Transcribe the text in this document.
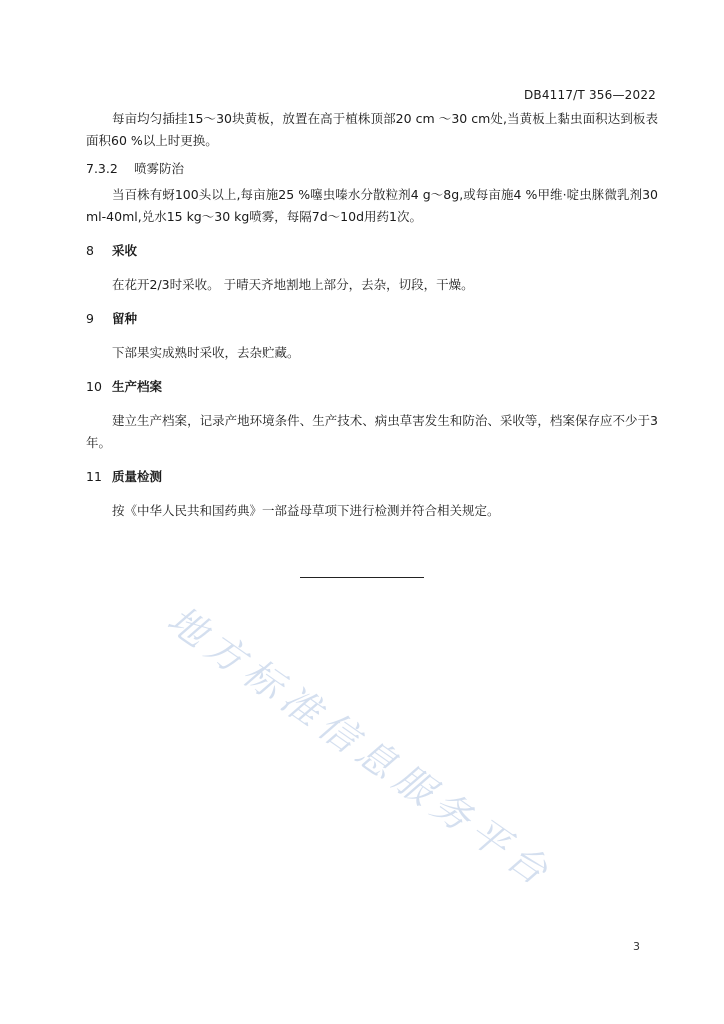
DB4117/T 356—2022

每亩均匀插挂15～30块黄板，放置在高于植株顶部20 cm ～30 cm处,当黄板上黏虫面积达到板表面积60 %以上时更换。

7.3.2 喷雾防治

当百株有蚜100头以上,每亩施25 %噻虫嗪水分散粒剂4 g～8g,或每亩施4 %甲维·啶虫脒微乳剂30 ml-40ml,兑水15 kg～30 kg喷雾，每隔7d～10d用药1次。

8 采收

在花开2/3时采收。 于晴天齐地割地上部分，去杂，切段，干燥。

9 留种

下部果实成熟时采收，去杂贮藏。

10 生产档案

建立生产档案，记录产地环境条件、生产技术、病虫草害发生和防治、采收等，档案保存应不少于3年。

11 质量检测

按《中华人民共和国药典》一部益母草项下进行检测并符合相关规定。

地方标准信息服务平台
3
